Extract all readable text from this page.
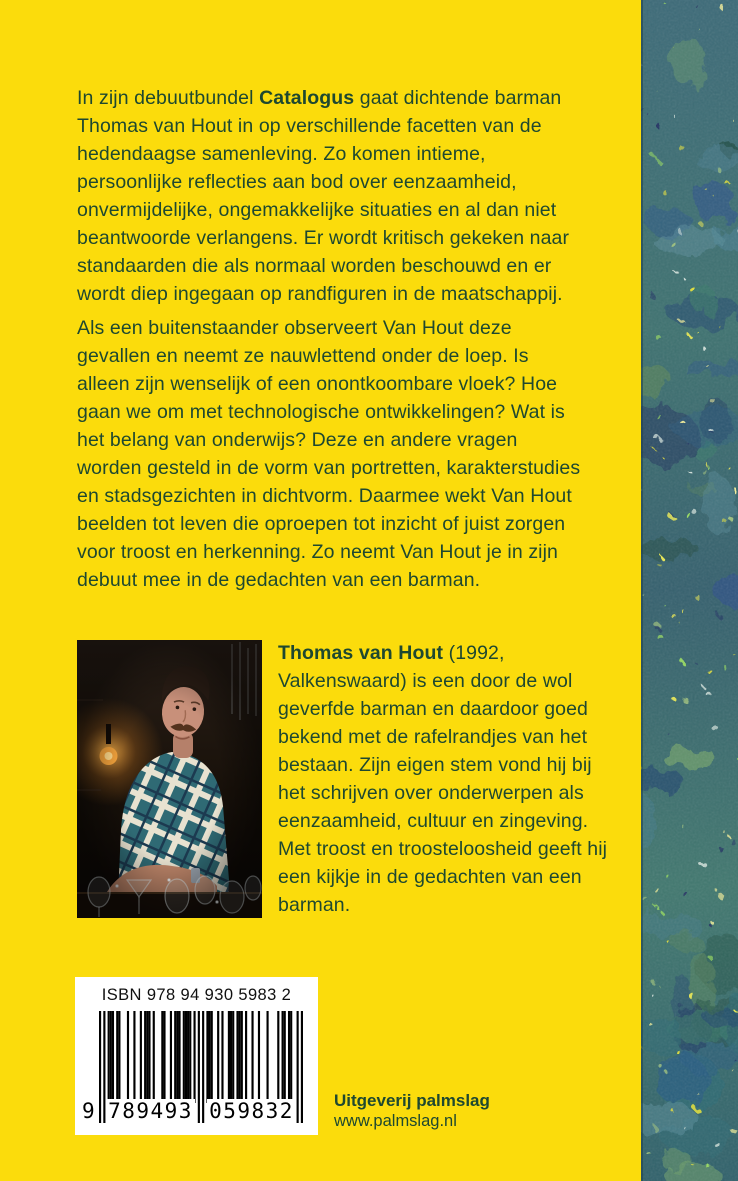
In zijn debuutbundel Catalogus gaat dichtende barman Thomas van Hout in op verschillende facetten van de hedendaagse samenleving. Zo komen intieme, persoonlijke reflecties aan bod over eenzaamheid, onvermijdelijke, ongemakkelijke situaties en al dan niet beantwoorde verlangens. Er wordt kritisch gekeken naar standaarden die als normaal worden beschouwd en er wordt diep ingegaan op randfiguren in de maatschappij.

Als een buitenstaander observeert Van Hout deze gevallen en neemt ze nauwlettend onder de loep. Is alleen zijn wenselijk of een onontkoombare vloek? Hoe gaan we om met technologische ontwikkelingen? Wat is het belang van onderwijs? Deze en andere vragen worden gesteld in de vorm van portretten, karakterstudies en stadsgezichten in dichtvorm. Daarmee wekt Van Hout beelden tot leven die oproepen tot inzicht of juist zorgen voor troost en herkenning. Zo neemt Van Hout je in zijn debuut mee in de gedachten van een barman.

Thomas van Hout (1992, Valkenswaard) is een door de wol geverfde barman en daardoor goed bekend met de rafelrandjes van het bestaan. Zijn eigen stem vond hij bij het schrijven over onderwerpen als eenzaamheid, cultuur en zingeving. Met troost en troosteloosheid geeft hij een kijkje in de gedachten van een barman.

ISBN 978 94 930 5983 2
9 789493 059832 Uitgeverij palmslag
www.palmslag.nl
